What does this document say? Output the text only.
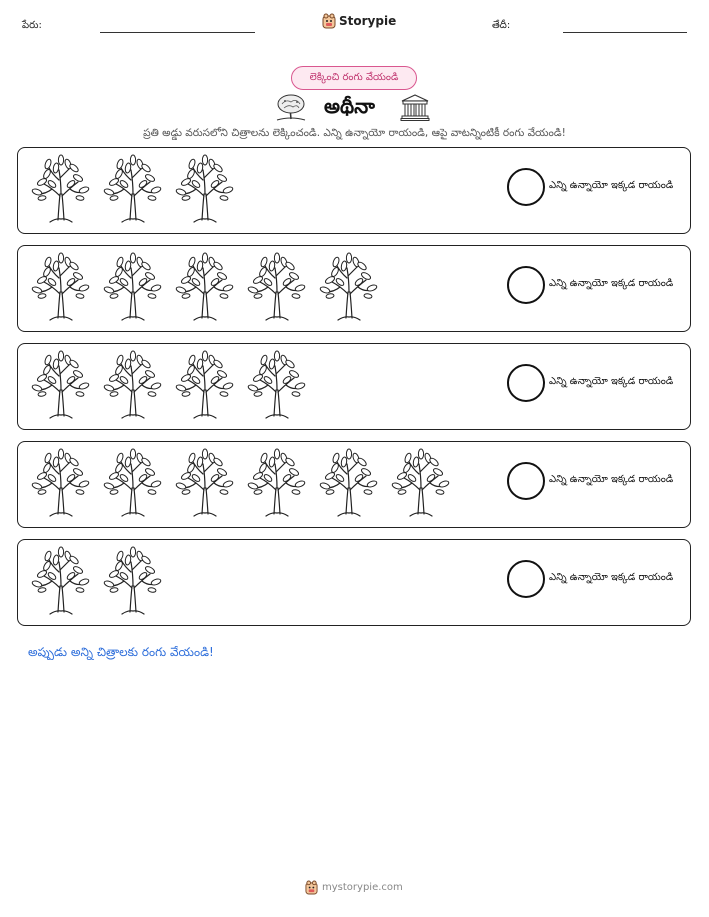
పేరు:	Storypie	తేదీ:
లెక్కించి రంగు వేయండి
అథీనా
ప్రతి అడ్డు వరుసలోని చిత్రాలను లెక్కించండి. ఎన్ని ఉన్నాయో రాయండి, ఆపై వాటన్నింటికీ రంగు వేయండి!
ఎన్ని ఉన్నాయో ఇక్కడ రాయండి
ఎన్ని ఉన్నాయో ఇక్కడ రాయండి
ఎన్ని ఉన్నాయో ఇక్కడ రాయండి
ఎన్ని ఉన్నాయో ఇక్కడ రాయండి
ఎన్ని ఉన్నాయో ఇక్కడ రాయండి
అప్పుడు అన్ని చిత్రాలకు రంగు వేయండి!
mystorypie.com
